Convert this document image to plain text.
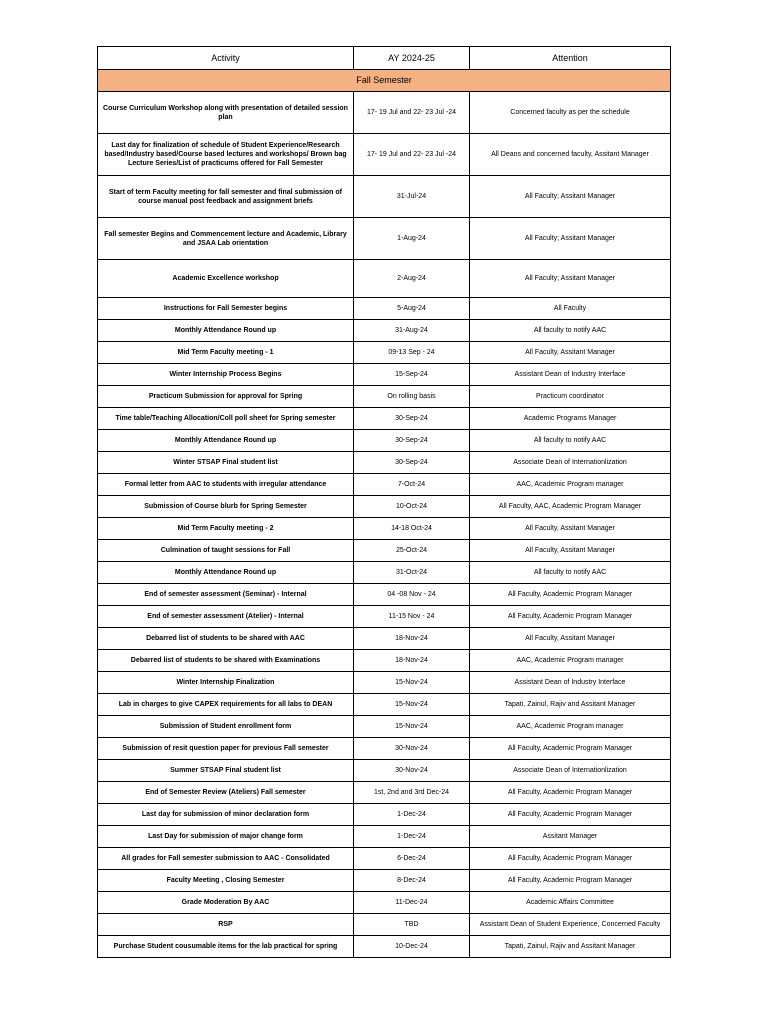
Activity	AY 2024-25	Attention
Fall Semester		
Course Curriculum Workshop along with presentation of detailed session plan	17- 19 Jul and 22- 23 Jul -24	Concerned faculty as per the schedule
Last day for finalization of schedule of Student Experience/Research based/Industry based/Course based lectures and workshops/ Brown bag Lecture Series/List of practicums offered for Fall Semester	17- 19 Jul and 22- 23 Jul -24	All Deans and concerned faculty, Assitant Manager
Start of term Faculty meeting for fall semester and final submission of course manual post feedback and assignment briefs	31-Jul-24	All Faculty; Assitant Manager
Fall semester Begins and Commencement lecture and Academic, Library and JSAA Lab orientation	1-Aug-24	All Faculty; Assitant Manager
Academic Excellence workshop	2-Aug-24	All Faculty; Assitant Manager
Instructions for Fall Semester begins	5-Aug-24	All Faculty
Monthly Attendance Round up	31-Aug-24	All faculty to notify AAC
Mid Term Faculty meeting - 1	09-13 Sep - 24	All Faculty, Assitant Manager
Winter Internship Process Begins	15-Sep-24	Assistant Dean of Industry Interface
Practicum Submission for approval for Spring	On rolling basis	Practicum coordinator
Time table/Teaching Allocation/Coll poll sheet for Spring semester	30-Sep-24	Academic Programs Manager
Monthly Attendance Round up	30-Sep-24	All faculty to notify AAC
Winter STSAP Final student list	30-Sep-24	Associate Dean of Internationlization
Formal letter from AAC to students with irregular attendance	7-Oct-24	AAC, Academic Program manager
Submission of Course blurb for Spring Semester	10-Oct-24	All Faculty, AAC, Academic Program Manager
Mid Term Faculty meeting - 2	14-18 Oct-24	All Faculty, Assitant Manager
Culmination of taught sessions for Fall	25-Oct-24	All Faculty, Assitant Manager
Monthly Attendance Round up	31-Oct-24	All faculty to notify AAC
End of semester assessment (Seminar) - Internal	04 -08 Nov - 24	All Faculty, Academic Program Manager
End of semester assessment (Atelier) - Internal	11-15 Nov - 24	All Faculty, Academic Program Manager
Debarred list of students to be shared with AAC	18-Nov-24	All Faculty, Assitant Manager
Debarred list of students to be shared with Examinations	18-Nov-24	AAC, Academic Program manager
Winter Internship Finalization	15-Nov-24	Assistant Dean of Industry Interface
Lab in charges to give CAPEX requirements for all labs to DEAN	15-Nov-24	Tapati, Zainul, Rajiv and Assitant Manager
Submission of Student enrollment form	15-Nov-24	AAC, Academic Program manager
Submission of resit question paper for previous Fall semester	30-Nov-24	All Faculty, Academic Program Manager
Summer STSAP Final student list	30-Nov-24	Associate Dean of Internationlization
End of Semester Review (Ateliers) Fall semester	1st, 2nd and 3rd Dec-24	All Faculty, Academic Program Manager
Last day for submission of minor declaration form	1-Dec-24	All Faculty, Academic Program Manager
Last Day for submission of major change form	1-Dec-24	Assitant Manager
All grades for Fall semester submission to AAC - Consolidated	6-Dec-24	All Faculty, Academic Program Manager
Faculty Meeting , Closing Semester	8-Dec-24	All Faculty, Academic Program Manager
Grade Moderation By AAC	11-Dec-24	Academic Affairs Committee
RSP	TBD	Assistant Dean of Student Experience, Concerned Faculty
Purchase Student cousumable items for the lab practical for spring	10-Dec-24	Tapati, Zainul, Rajiv and Assitant Manager
